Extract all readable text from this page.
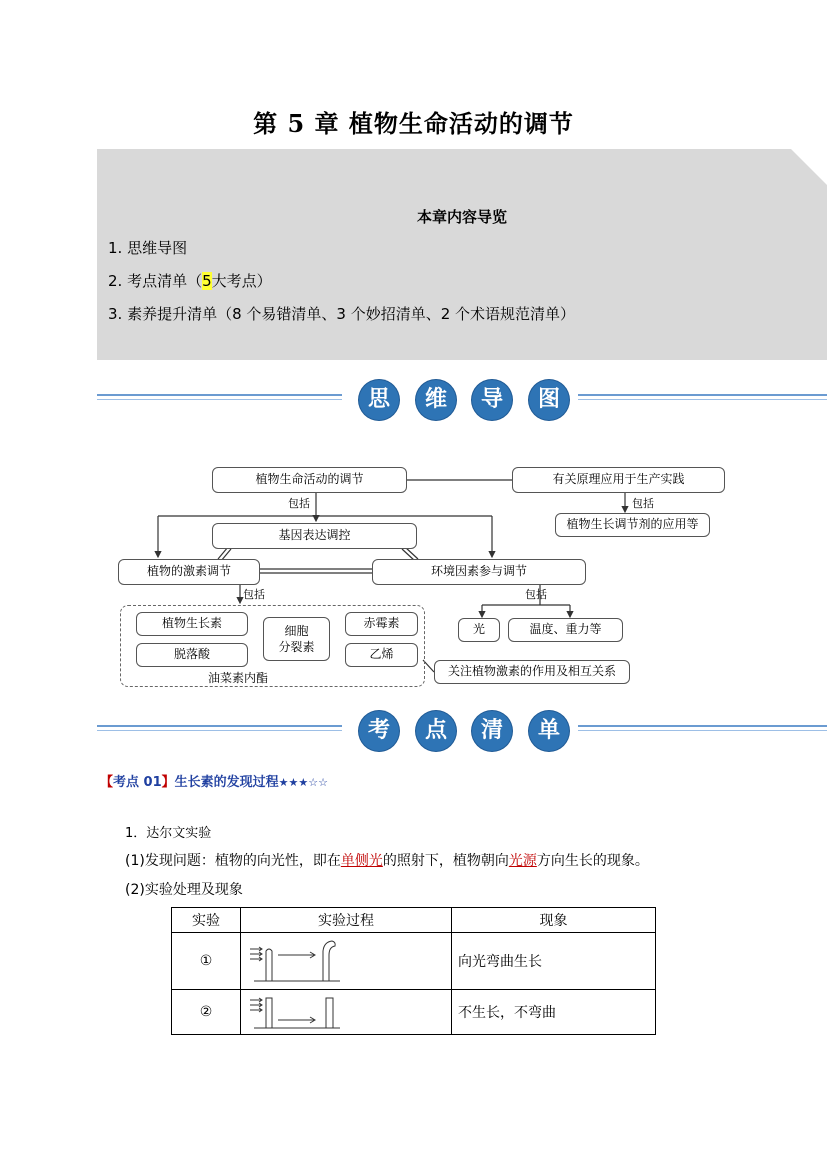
第 5 章 植物生命活动的调节
本章内容导览
1. 思维导图
2. 考点清单（5大考点）
3. 素养提升清单（8 个易错清单、3 个妙招清单、2 个术语规范清单）
思	维	导	图
植物生命活动的调节	有关原理应用于生产实践
包括	包括
植物生长调节剂的应用等
基因表达调控
植物的激素调节	环境因素参与调节
包括	包括
植物生长素
脱落酸
细胞
分裂素
赤霉素
乙烯
油菜素内酯
光	温度、重力等
关注植物激素的作用及相互关系
考	点	清	单
【考点 01】生长素的发现过程★★★☆☆
1．达尔文实验
(1)发现问题：植物的向光性，即在单侧光的照射下，植物朝向光源方向生长的现象。
(2)实验处理及现象
实验	实验过程	现象
①		向光弯曲生长
②		不生长，不弯曲
